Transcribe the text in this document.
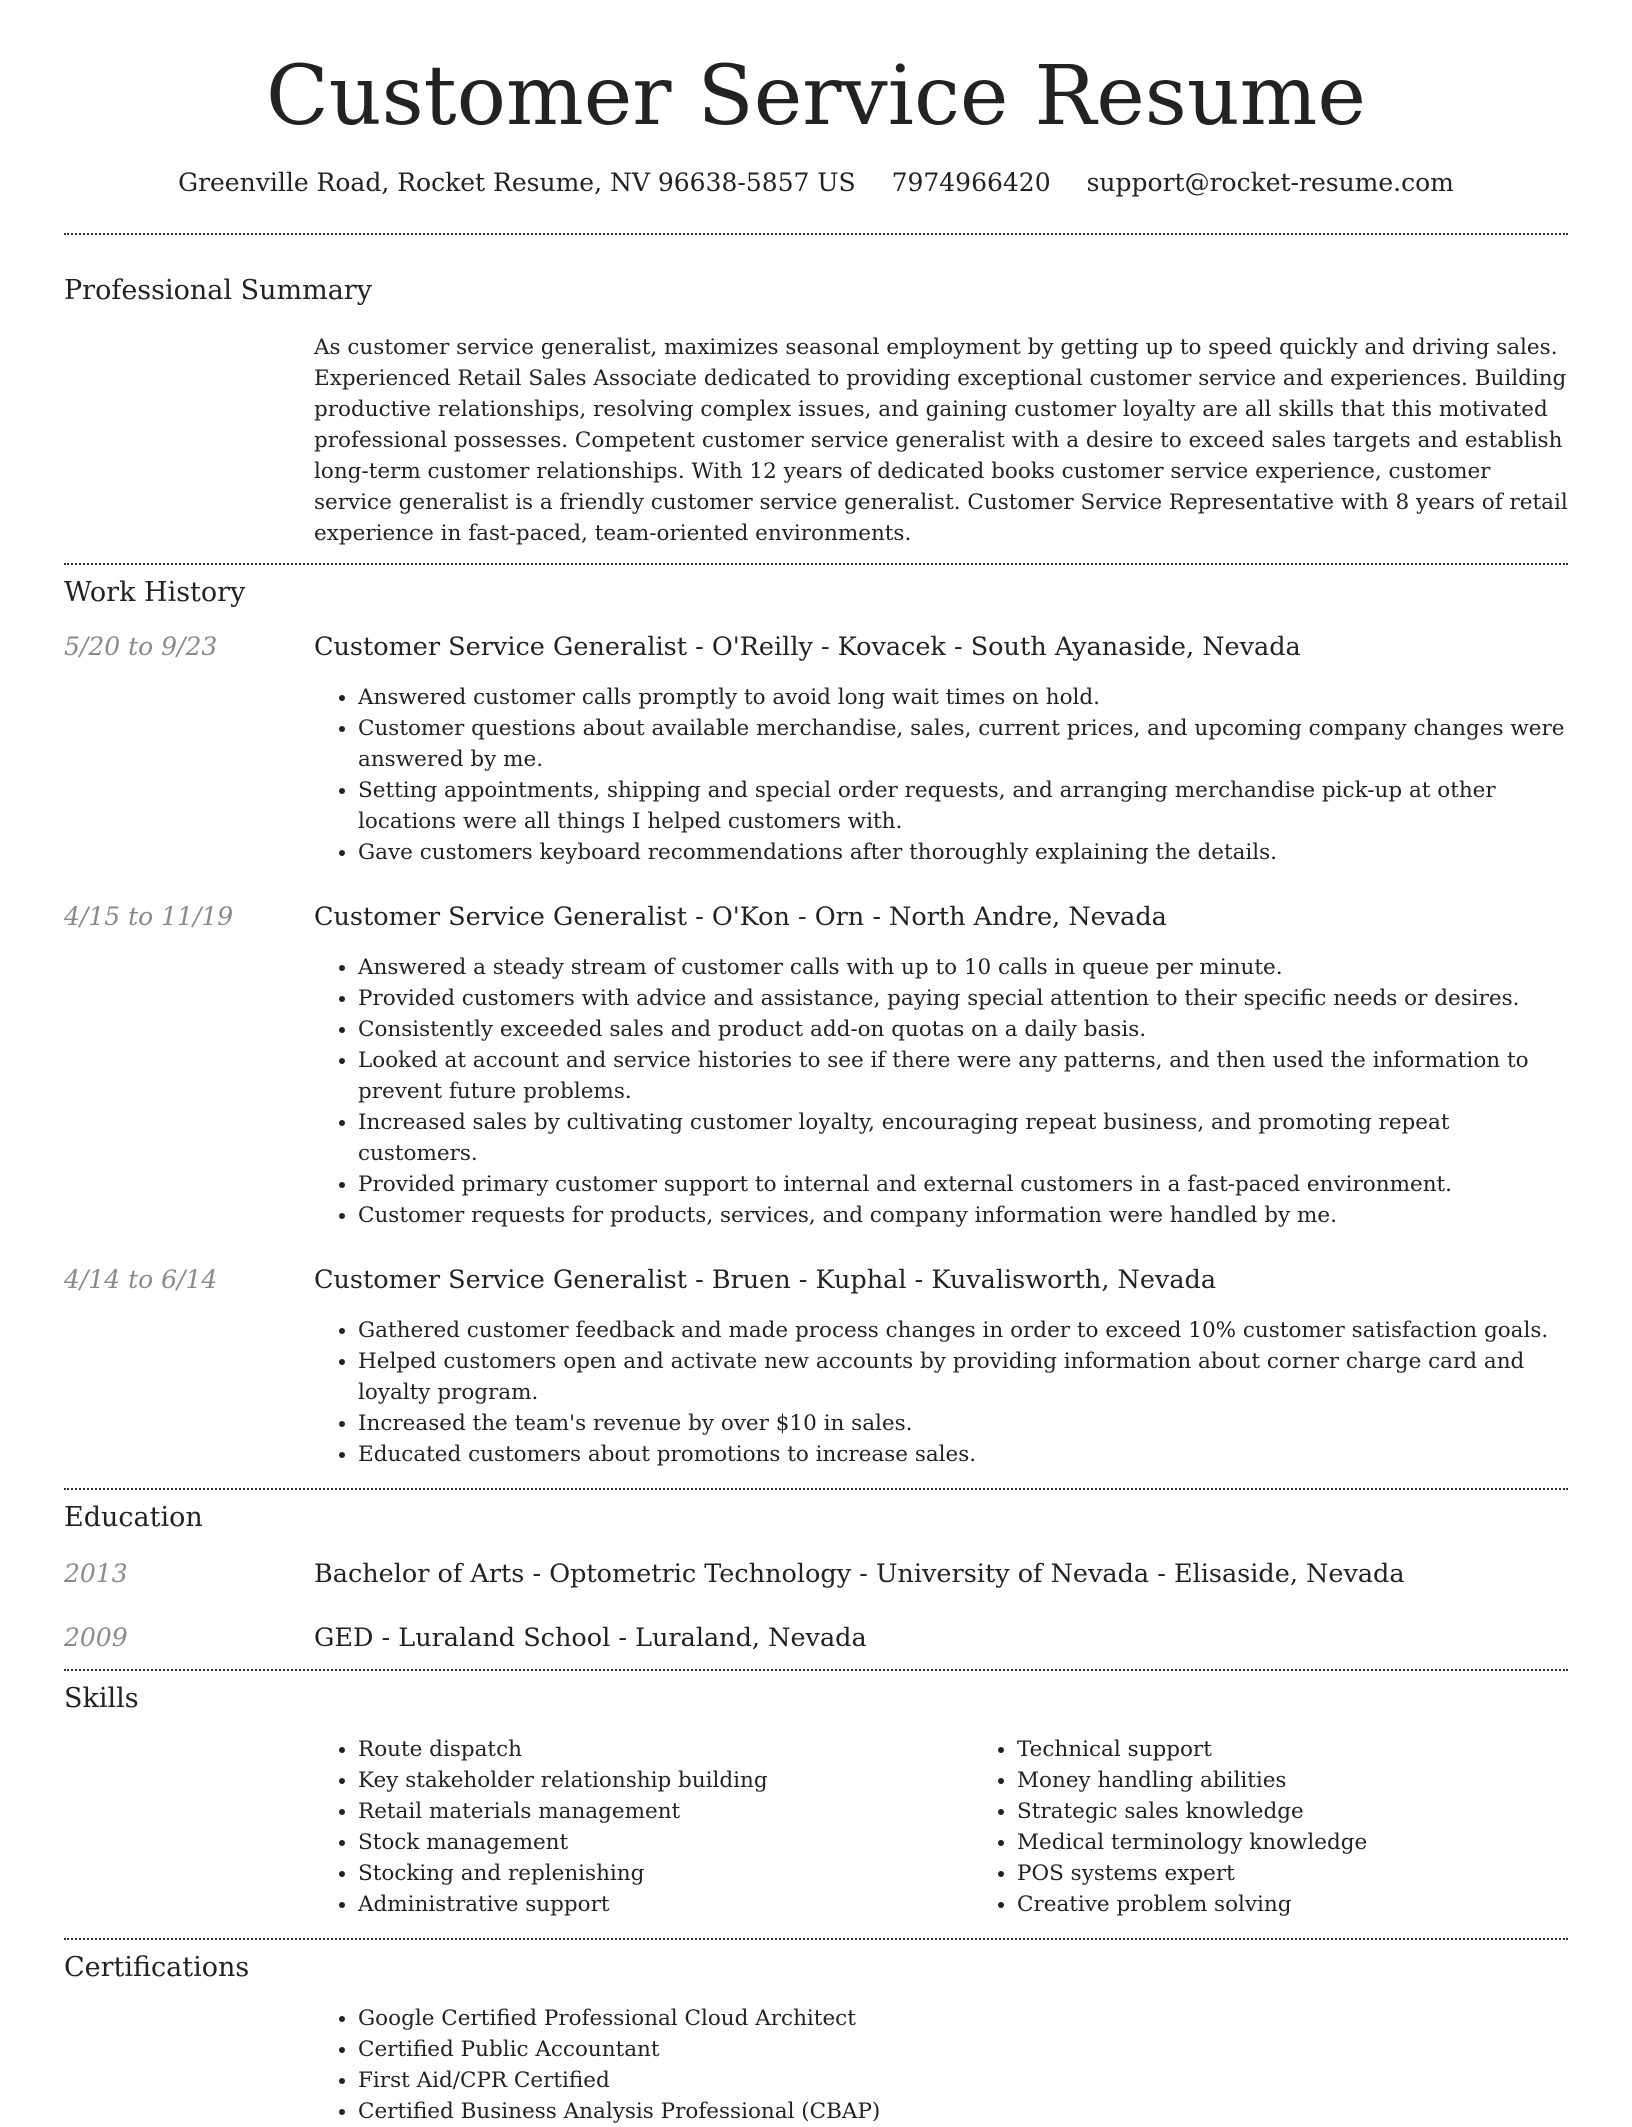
Customer Service Resume
Greenville Road, Rocket Resume, NV 96638-5857 US 7974966420 support@rocket-resume.com
Professional Summary

As customer service generalist, maximizes seasonal employment by getting up to speed quickly and driving sales. Experienced Retail Sales Associate dedicated to providing exceptional customer service and experiences. Building productive relationships, resolving complex issues, and gaining customer loyalty are all skills that this motivated professional possesses. Competent customer service generalist with a desire to exceed sales targets and establish long-term customer relationships. With 12 years of dedicated books customer service experience, customer service generalist is a friendly customer service generalist. Customer Service Representative with 8 years of retail experience in fast-paced, team-oriented environments.

Work History
5/20 to 9/23	Customer Service Generalist - O'Reilly - Kovacek - South Ayanaside, Nevada
• Answered customer calls promptly to avoid long wait times on hold.
• Customer questions about available merchandise, sales, current prices, and upcoming company changes were answered by me.
• Setting appointments, shipping and special order requests, and arranging merchandise pick-up at other locations were all things I helped customers with.
• Gave customers keyboard recommendations after thoroughly explaining the details.
4/15 to 11/19	Customer Service Generalist - O'Kon - Orn - North Andre, Nevada
• Answered a steady stream of customer calls with up to 10 calls in queue per minute.
• Provided customers with advice and assistance, paying special attention to their specific needs or desires.
• Consistently exceeded sales and product add-on quotas on a daily basis.
• Looked at account and service histories to see if there were any patterns, and then used the information to prevent future problems.
• Increased sales by cultivating customer loyalty, encouraging repeat business, and promoting repeat customers.
• Provided primary customer support to internal and external customers in a fast-paced environment.
• Customer requests for products, services, and company information were handled by me.
4/14 to 6/14	Customer Service Generalist - Bruen - Kuphal - Kuvalisworth, Nevada
• Gathered customer feedback and made process changes in order to exceed 10% customer satisfaction goals.
• Helped customers open and activate new accounts by providing information about corner charge card and loyalty program.
• Increased the team's revenue by over $10 in sales.
• Educated customers about promotions to increase sales.
Education
2013	Bachelor of Arts - Optometric Technology - University of Nevada - Elisaside, Nevada
2009	GED - Luraland School - Luraland, Nevada
Skills
• Route dispatch
• Key stakeholder relationship building
• Retail materials management
• Stock management
• Stocking and replenishing
• Administrative support
• Technical support
• Money handling abilities
• Strategic sales knowledge
• Medical terminology knowledge
• POS systems expert
• Creative problem solving
Certifications
• Google Certified Professional Cloud Architect
• Certified Public Accountant
• First Aid/CPR Certified
• Certified Business Analysis Professional (CBAP)
